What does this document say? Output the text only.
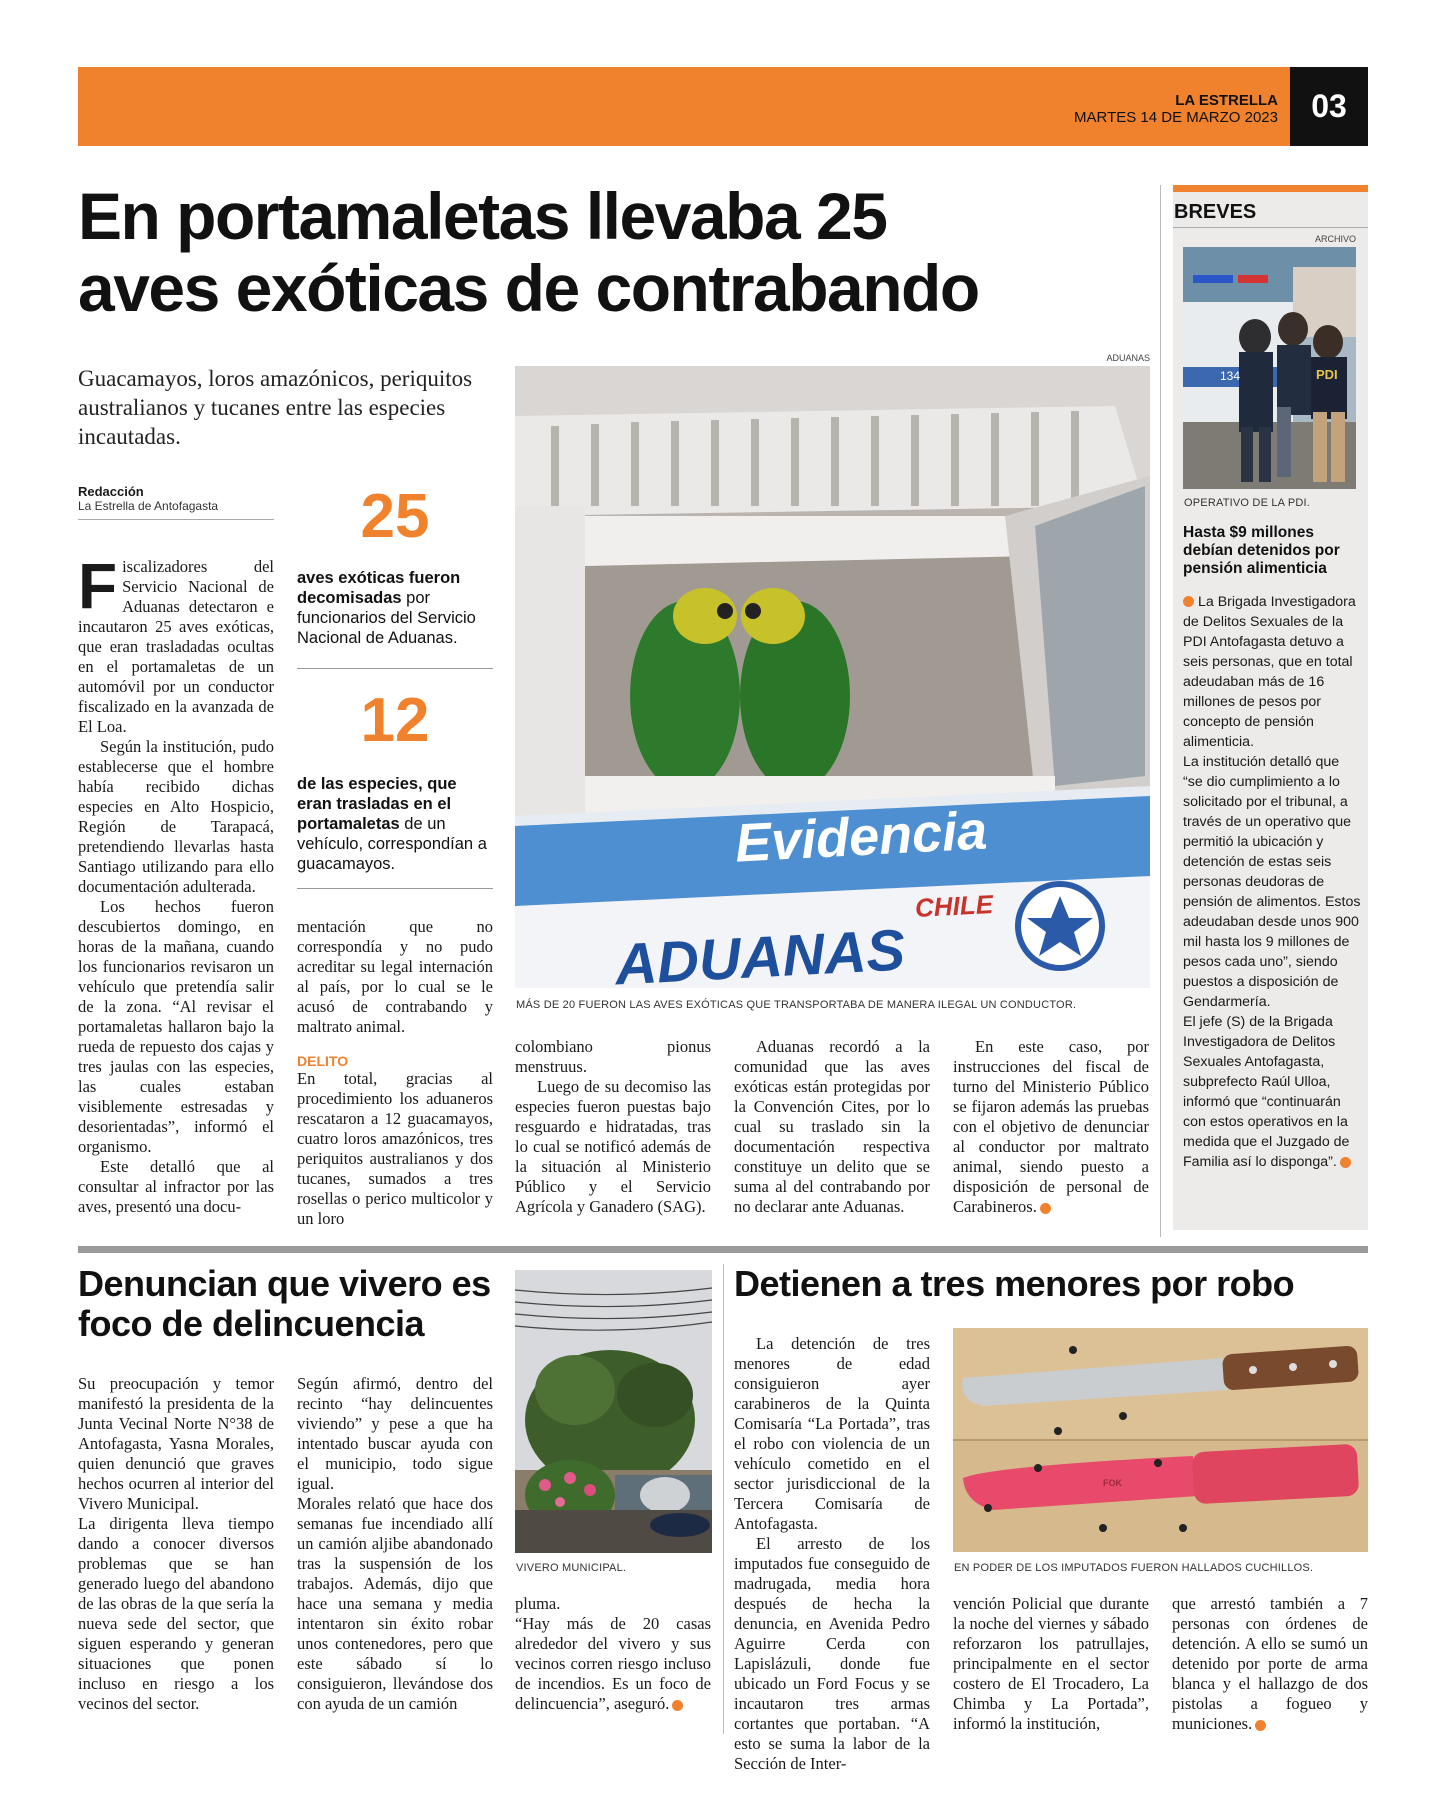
03
LA ESTRELLA
MARTES 14 DE MARZO 2023
En portamaletas llevaba 25
aves exóticas de contrabando
Guacamayos, loros amazónicos, periquitos australianos y tucanes entre las especies incautadas.
Redacción
La Estrella de Antofagasta
ADUANAS
Evidencia
CHILE
ADUANAS
MÁS DE 20 FUERON LAS AVES EXÓTICAS QUE TRANSPORTABA DE MANERA ILEGAL UN CONDUCTOR.
25
aves exóticas fueron decomisadas por funcionarios del Servicio Nacional de Aduanas.
12
de las especies, que eran trasladas en el portamaletas de un vehículo, correspondían a guacamayos.
F iscalizadores del Servicio Nacional de Aduanas detectaron e incautaron 25 aves exóticas, que eran trasladadas ocultas en el portamaletas de un automóvil por un conductor fiscalizado en la avanzada de El Loa.

Según la institución, pudo establecerse que el hombre había recibido dichas especies en Alto Hospicio, Región de Tarapacá, pretendiendo llevarlas hasta Santiago utilizando para ello documentación adulterada.

Los hechos fueron descubiertos domingo, en horas de la mañana, cuando los funcionarios revisaron un vehículo que pretendía salir de la zona. “Al revisar el portamaletas hallaron bajo la rueda de repuesto dos cajas y tres jaulas con las especies, las cuales estaban visiblemente estresadas y desorientadas”, informó el organismo.

Este detalló que al consultar al infractor por las aves, presentó una docu-

mentación que no correspondía y no pudo acreditar su legal internación al país, por lo cual se le acusó de contrabando y maltrato animal.

DELITO

En total, gracias al procedimiento los aduaneros rescataron a 12 guacamayos, cuatro loros amazónicos, tres periquitos australianos y dos tucanes, sumados a tres rosellas o perico multicolor y un loro

colombiano pionus menstruus.

Luego de su decomiso las especies fueron puestas bajo resguardo e hidratadas, tras lo cual se notificó además de la situación al Ministerio Público y el Servicio Agrícola y Ganadero (SAG).

Aduanas recordó a la comunidad que las aves exóticas están protegidas por la Convención Cites, por lo cual su traslado sin la documentación respectiva constituye un delito que se suma al del contrabando por no declarar ante Aduanas.

En este caso, por instrucciones del fiscal de turno del Ministerio Público se fijaron además las pruebas con el objetivo de denunciar al conductor por maltrato animal, siendo puesto a disposición de personal de Carabineros.

BREVES
ARCHIVO
134	PDI
OPERATIVO DE LA PDI.
Hasta $9 millones debían detenidos por pensión alimenticia
La Brigada Investigadora de Delitos Sexuales de la PDI Antofagasta detuvo a seis personas, que en total adeudaban más de 16 millones de pesos por concepto de pensión alimenticia.
La institución detalló que “se dio cumplimiento a lo solicitado por el tribunal, a través de un operativo que permitió la ubicación y detención de estas seis personas deudoras de pensión de alimentos. Estos adeudaban desde unos 900 mil hasta los 9 millones de pesos cada uno”, siendo puestos a disposición de Gendarmería.
El jefe (S) de la Brigada Investigadora de Delitos Sexuales Antofagasta, subprefecto Raúl Ulloa, informó que “continuarán con estos operativos en la medida que el Juzgado de Familia así lo disponga”.
Denuncian que vivero es
foco de delincuencia
VIVERO MUNICIPAL.

Su preocupación y temor manifestó la presidenta de la Junta Vecinal Norte N°38 de Antofagasta, Yasna Morales, quien denunció que graves hechos ocurren al interior del Vivero Municipal.

La dirigenta lleva tiempo dando a conocer diversos problemas que se han generado luego del abandono de las obras de la que sería la nueva sede del sector, que siguen esperando y generan situaciones que ponen incluso en riesgo a los vecinos del sector.

Según afirmó, dentro del recinto “hay delincuentes viviendo” y pese a que ha intentado buscar ayuda con el municipio, todo sigue igual.

Morales relató que hace dos semanas fue incendiado allí un camión aljibe abandonado tras la suspensión de los trabajos. Además, dijo que hace una semana y media intentaron sin éxito robar unos contenedores, pero que este sábado sí lo consiguieron, llevándose dos con ayuda de un camión

pluma.

“Hay más de 20 casas alrededor del vivero y sus vecinos corren riesgo incluso de incendios. Es un foco de delincuencia”, aseguró.

Detienen a tres menores por robo
FOK
EN PODER DE LOS IMPUTADOS FUERON HALLADOS CUCHILLOS.

La detención de tres menores de edad consiguieron ayer carabineros de la Quinta Comisaría “La Portada”, tras el robo con violencia de un vehículo cometido en el sector jurisdiccional de la Tercera Comisaría de Antofagasta.

El arresto de los imputados fue conseguido de madrugada, media hora después de hecha la denuncia, en Avenida Pedro Aguirre Cerda con Lapislázuli, donde fue ubicado un Ford Focus y se incautaron tres armas cortantes que portaban. “A esto se suma la labor de la Sección de Inter-

vención Policial que durante la noche del viernes y sábado reforzaron los patrullajes, principalmente en el sector costero de El Trocadero, La Chimba y La Portada”, informó la institución,

que arrestó también a 7 personas con órdenes de detención. A ello se sumó un detenido por porte de arma blanca y el hallazgo de dos pistolas a fogueo y municiones.
